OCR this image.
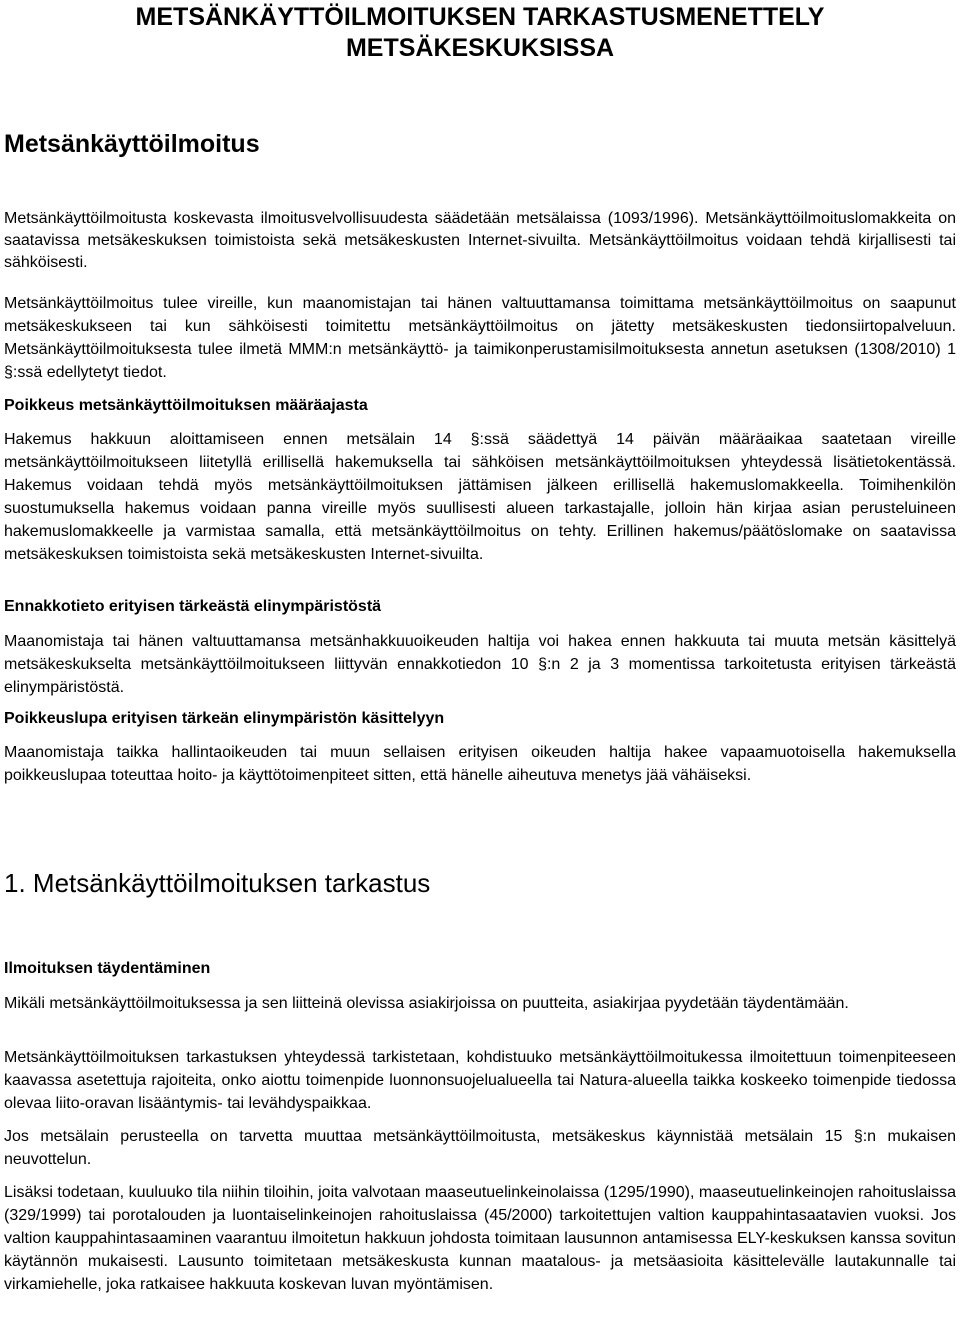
METSÄNKÄYTTÖILMOITUKSEN TARKASTUSMENETTELY
METSÄKESKUKSISSA
Metsänkäyttöilmoitus

Metsänkäyttöilmoitusta koskevasta ilmoitusvelvollisuudesta säädetään metsälaissa (1093/1996). Metsänkäyttöilmoituslomakkeita on saatavissa metsäkeskuksen toimistoista sekä metsäkeskusten Internet-sivuilta. Metsänkäyttöilmoitus voidaan tehdä kirjallisesti tai sähköisesti.

Metsänkäyttöilmoitus tulee vireille, kun maanomistajan tai hänen valtuuttamansa toimittama metsänkäyttöilmoitus on saapunut metsäkeskukseen tai kun sähköisesti toimitettu metsänkäyttöilmoitus on jätetty metsäkeskusten tiedonsiirtopalveluun. Metsänkäyttöilmoituksesta tulee ilmetä MMM:n metsänkäyttö- ja taimikonperustamisilmoituksesta annetun asetuksen (1308/2010) 1 §:ssä edellytetyt tiedot.

Poikkeus metsänkäyttöilmoituksen määräajasta

Hakemus hakkuun aloittamiseen ennen metsälain 14 §:ssä säädettyä 14 päivän määräaikaa saatetaan vireille metsänkäyttöilmoitukseen liitetyllä erillisellä hakemuksella tai sähköisen metsänkäyttöilmoituksen yhteydessä lisätietokentässä. Hakemus voidaan tehdä myös metsänkäyttöilmoituksen jättämisen jälkeen erillisellä hakemuslomakkeella. Toimihenkilön suostumuksella hakemus voidaan panna vireille myös suullisesti alueen tarkastajalle, jolloin hän kirjaa asian perusteluineen hakemuslomakkeelle ja varmistaa samalla, että metsänkäyttöilmoitus on tehty. Erillinen hakemus/päätöslomake on saatavissa metsäkeskuksen toimistoista sekä metsäkeskusten Internet-sivuilta.

Ennakkotieto erityisen tärkeästä elinympäristöstä

Maanomistaja tai hänen valtuuttamansa metsänhakkuuoikeuden haltija voi hakea ennen hakkuuta tai muuta metsän käsittelyä metsäkeskukselta metsänkäyttöilmoitukseen liittyvän ennakkotiedon 10 §:n 2 ja 3 momentissa tarkoitetusta erityisen tärkeästä elinympäristöstä.

Poikkeuslupa erityisen tärkeän elinympäristön käsittelyyn

Maanomistaja taikka hallintaoikeuden tai muun sellaisen erityisen oikeuden haltija hakee vapaamuotoisella hakemuksella poikkeuslupaa toteuttaa hoito- ja käyttötoimenpiteet sitten, että hänelle aiheutuva menetys jää vähäiseksi.

1. Metsänkäyttöilmoituksen tarkastus
Ilmoituksen täydentäminen

Mikäli metsänkäyttöilmoituksessa ja sen liitteinä olevissa asiakirjoissa on puutteita, asiakirjaa pyydetään täydentämään.

Metsänkäyttöilmoituksen tarkastuksen yhteydessä tarkistetaan, kohdistuuko metsänkäyttöilmoitukessa ilmoitettuun toimenpiteeseen kaavassa asetettuja rajoiteita, onko aiottu toimenpide luonnonsuojelualueella tai Natura-alueella taikka koskeeko toimenpide tiedossa olevaa liito-oravan lisääntymis- tai levähdyspaikkaa.

Jos metsälain perusteella on tarvetta muuttaa metsänkäyttöilmoitusta, metsäkeskus käynnistää metsälain 15 §:n mukaisen neuvottelun.

Lisäksi todetaan, kuuluuko tila niihin tiloihin, joita valvotaan maaseutuelinkeinolaissa (1295/1990), maaseutuelinkeinojen rahoituslaissa (329/1999) tai porotalouden ja luontaiselinkeinojen rahoituslaissa (45/2000) tarkoitettujen valtion kauppahintasaatavien vuoksi. Jos valtion kauppahintasaaminen vaarantuu ilmoitetun hakkuun johdosta toimitaan lausunnon antamisessa ELY-keskuksen kanssa sovitun käytännön mukaisesti. Lausunto toimitetaan metsäkeskusta kunnan maatalous- ja metsäasioita käsittelevälle lautakunnalle tai virkamiehelle, joka ratkaisee hakkuuta koskevan luvan myöntämisen.
